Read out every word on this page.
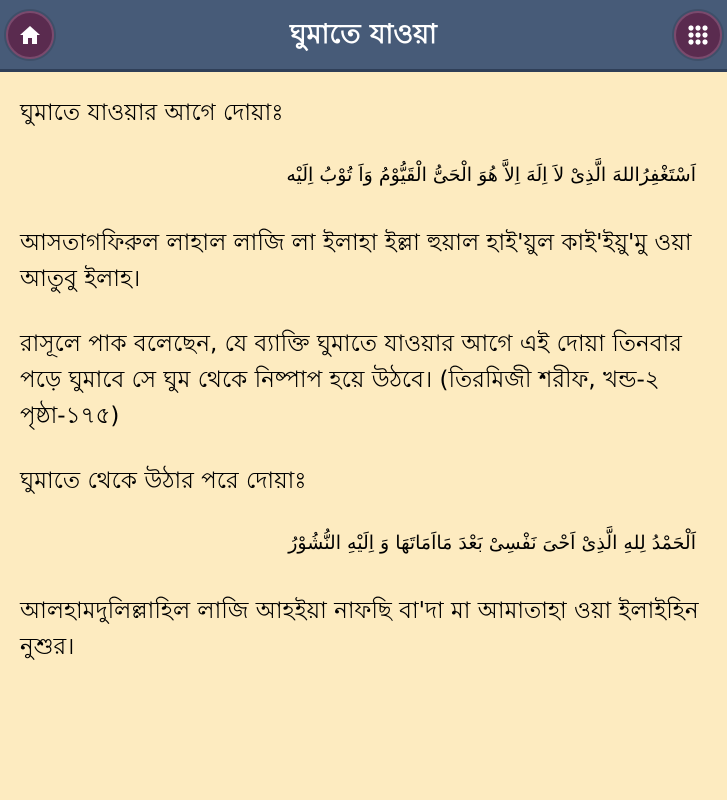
ঘুমাতে যাওয়া

ঘুমাতে যাওয়ার আগে দোয়াঃ

اَسْتَغْفِرُاللهَ الَّذِىْ لاَ اِلَهَ اِلاَّ هُوَ الْحَىُّ الْقَيُّوْمُ وَاَ تُوْبُ اِلَيْه

আসতাগফিরুল লাহাল লাজি লা ইলাহা ইল্লা হুয়াল হাই'য়ুল কাই'ইয়ু'মু ওয়া আতুবু ইলাহ।

রাসূলে পাক বলেছেন, যে ব্যাক্তি ঘুমাতে যাওয়ার আগে এই দোয়া তিনবার পড়ে ঘুমাবে সে ঘুম থেকে নিষ্পাপ হয়ে উঠবে। (তিরমিজী শরীফ, খন্ড-২ পৃষ্ঠা-১৭৫)

ঘুমাতে থেকে উঠার পরে দোয়াঃ

اَلْحَمْدُ لِلهِ الَّذِىْ اَحْىَ نَفْسِىْ بَعْدَ مَااَمَاتَهَا وَ اِلَيْهِ النُّشُوْرُ

আলহামদুলিল্লাহিল লাজি আহইয়া নাফছি বা'দা মা আমাতাহা ওয়া ইলাইহিন নুশুর।
